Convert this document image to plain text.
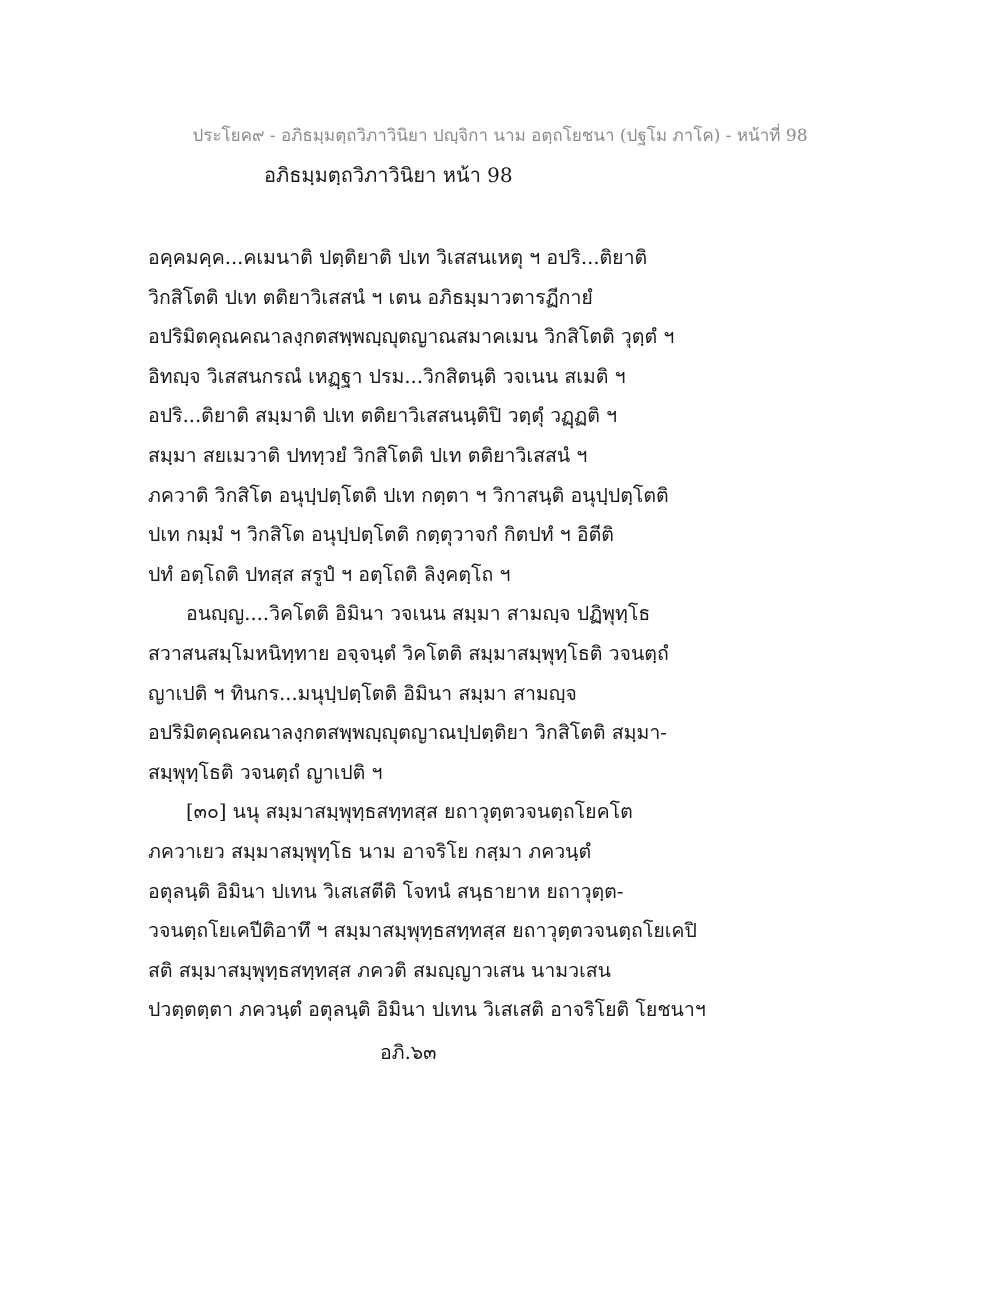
ประโยค๙ - อภิธมฺมตฺถวิภาวินิยา ปญฺจิกา นาม อตฺถโยชนา (ปฐโม ภาโค) - หน้าที่ 98
อภิธมฺมตฺถวิภาวินิยา หน้า 98
อคฺคมคฺค...คเมนาติ ปตฺติยาติ ปเท วิเสสนเหตุ ฯ อปริ...ติยาติ
วิกสิโตติ ปเท ตติยาวิเสสนํ ฯ เตน อภิธมฺมาวตารฏีกายํ
อปริมิตคุณคณาลงฺกตสพฺพญฺญุตญาณสมาคเมน วิกสิโตติ วุตฺตํ ฯ
อิทญฺจ วิเสสนกรณํ เหฏฺฐา ปรม...วิกสิตนฺติ วจเนน สเมติ ฯ
อปริ...ติยาติ สมฺมาติ ปเท ตติยาวิเสสนนฺติปิ วตฺตุํ วฏฺฏติ ฯ
สมฺมา สยเมวาติ ปททฺวยํ วิกสิโตติ ปเท ตติยาวิเสสนํ ฯ
ภควาติ วิกสิโต อนุปฺปตฺโตติ ปเท กตฺตา ฯ วิกาสนฺติ อนุปฺปตฺโตติ
ปเท กมฺมํ ฯ วิกสิโต อนุปฺปตฺโตติ กตฺตุวาจกํ กิตปทํ ฯ อิตีติ
ปทํ อตฺโถติ ปทสฺส สรูปํ ฯ อตฺโถติ ลิงฺคตฺโถ ฯ
อนญฺญ....วิคโตติ อิมินา วจเนน สมฺมา สามญฺจ ปฏิพุทฺโธ
สวาสนสมฺโมหนิทฺทาย อจฺจนฺตํ วิคโตติ สมฺมาสมฺพุทฺโธติ วจนตฺถํ
ญาเปติ ฯ ทินกร...มนุปฺปตฺโตติ อิมินา สมฺมา สามญฺจ
อปริมิตคุณคณาลงฺกตสพฺพญฺญุตญาณปฺปตฺติยา วิกสิโตติ สมฺมา-
สมฺพุทฺโธติ วจนตฺถํ ญาเปติ ฯ
[๓๐] นนุ สมฺมาสมฺพุทฺธสทฺทสฺส ยถาวุตฺตวจนตฺถโยคโต
ภควาเยว สมฺมาสมฺพุทฺโธ นาม อาจริโย กสฺมา ภควนฺตํ
อตุลนฺติ อิมินา ปเทน วิเสเสตีติ โจทนํ สนฺธายาห ยถาวุตฺต-
วจนตฺถโยเคปีติอาทึ ฯ สมฺมาสมฺพุทฺธสทฺทสฺส ยถาวุตฺตวจนตฺถโยเคปิ
สติ สมฺมาสมฺพุทฺธสทฺทสฺส ภควติ สมญฺญาวเสน นามวเสน
ปวตฺตตฺตา ภควนฺตํ อตุลนฺติ อิมินา ปเทน วิเสเสติ อาจริโยติ โยชนาฯ
อภิ.๖๓
